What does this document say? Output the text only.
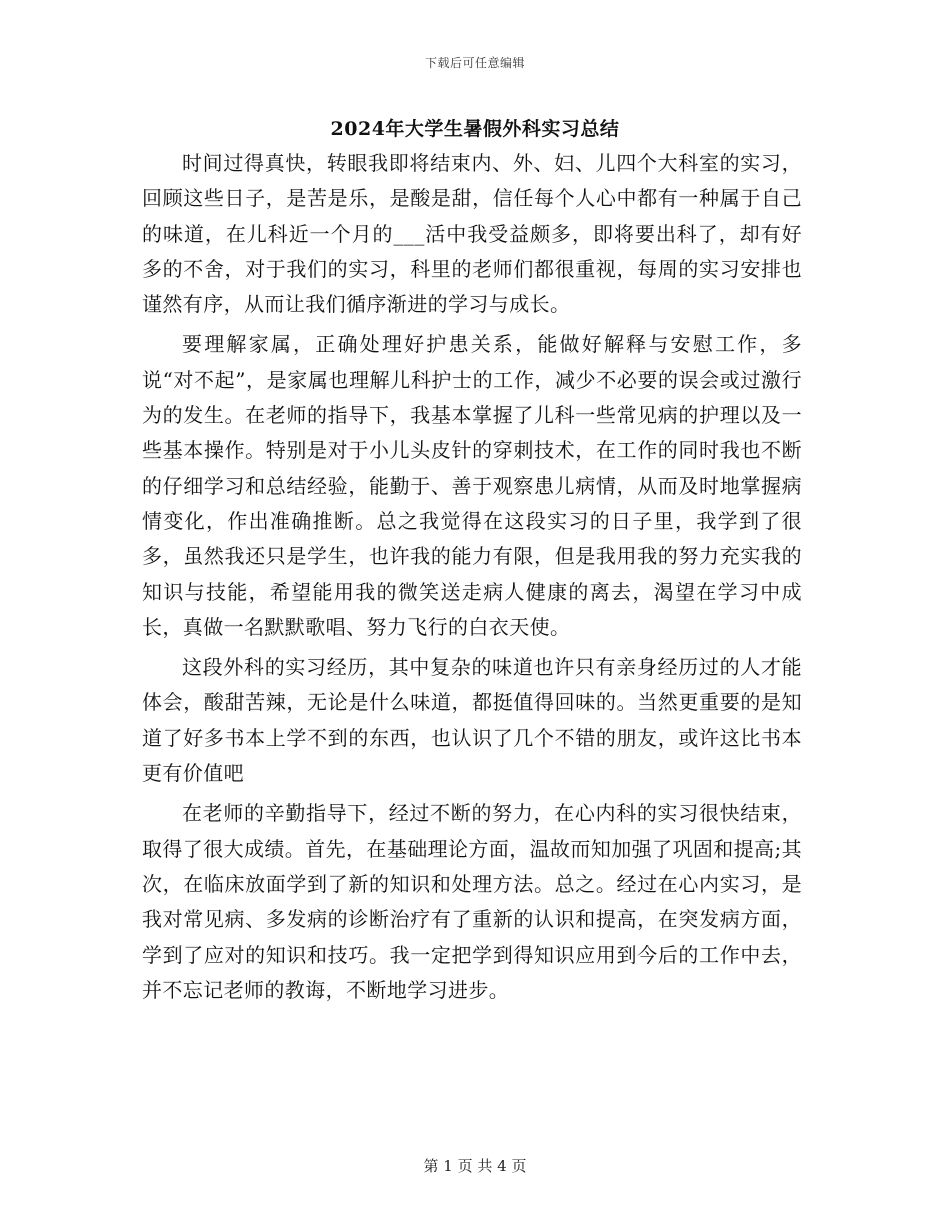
下载后可任意编辑
2024年大学生暑假外科实习总结

时间过得真快，转眼我即将结束内、外、妇、儿四个大科室的实习，回顾这些日子，是苦是乐，是酸是甜，信任每个人心中都有一种属于自己的味道，在儿科近一个月的___活中我受益颇多，即将要出科了，却有好多的不舍，对于我们的实习，科里的老师们都很重视，每周的实习安排也谨然有序，从而让我们循序渐进的学习与成长。

要理解家属，正确处理好护患关系，能做好解释与安慰工作，多说“对不起”，是家属也理解儿科护士的工作，减少不必要的误会或过激行为的发生。在老师的指导下，我基本掌握了儿科一些常见病的护理以及一些基本操作。特别是对于小儿头皮针的穿刺技术，在工作的同时我也不断的仔细学习和总结经验，能勤于、善于观察患儿病情，从而及时地掌握病情变化，作出准确推断。总之我觉得在这段实习的日子里，我学到了很多，虽然我还只是学生，也许我的能力有限，但是我用我的努力充实我的知识与技能，希望能用我的微笑送走病人健康的离去，渴望在学习中成长，真做一名默默歌唱、努力飞行的白衣天使。

这段外科的实习经历，其中复杂的味道也许只有亲身经历过的人才能体会，酸甜苦辣，无论是什么味道，都挺值得回味的。当然更重要的是知道了好多书本上学不到的东西，也认识了几个不错的朋友，或许这比书本更有价值吧

在老师的辛勤指导下，经过不断的努力，在心内科的实习很快结束，取得了很大成绩。首先，在基础理论方面，温故而知加强了巩固和提高;其次，在临床放面学到了新的知识和处理方法。总之。经过在心内实习，是我对常见病、多发病的诊断治疗有了重新的认识和提高，在突发病方面，学到了应对的知识和技巧。我一定把学到得知识应用到今后的工作中去，并不忘记老师的教诲，不断地学习进步。

第 1 页 共 4 页
